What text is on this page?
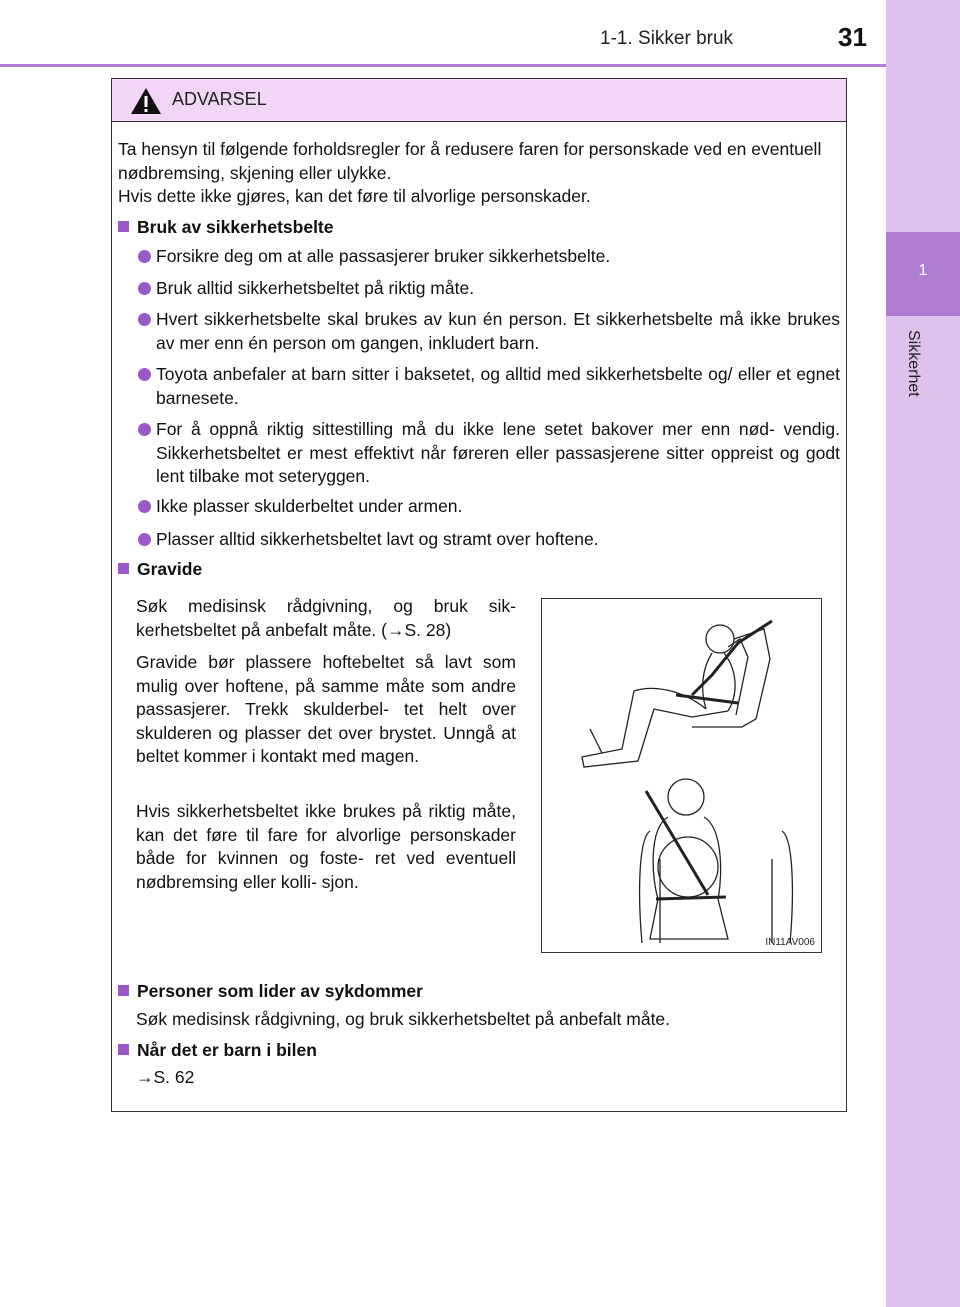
1-1. Sikker bruk	31
1
Sikkerhet
ADVARSEL
Ta hensyn til følgende forholdsregler for å redusere faren for personskade ved en eventuell nødbremsing, skjening eller ulykke.
Hvis dette ikke gjøres, kan det føre til alvorlige personskader.
Bruk av sikkerhetsbelte
Forsikre deg om at alle passasjerer bruker sikkerhetsbelte.
Bruk alltid sikkerhetsbeltet på riktig måte.
Hvert sikkerhetsbelte skal brukes av kun én person. Et sikkerhetsbelte må ikke brukes av mer enn én person om gangen, inkludert barn.
Toyota anbefaler at barn sitter i baksetet, og alltid med sikkerhetsbelte og/ eller et egnet barnesete.
For å oppnå riktig sittestilling må du ikke lene setet bakover mer enn nød- vendig. Sikkerhetsbeltet er mest effektivt når føreren eller passasjerene sitter oppreist og godt lent tilbake mot seteryggen.
Ikke plasser skulderbeltet under armen.
Plasser alltid sikkerhetsbeltet lavt og stramt over hoftene.
Gravide
Søk medisinsk rådgivning, og bruk sik- kerhetsbeltet på anbefalt måte. (→S. 28)
Gravide bør plassere hoftebeltet så lavt som mulig over hoftene, på samme måte som andre passasjerer. Trekk skulderbel- tet helt over skulderen og plasser det over brystet. Unngå at beltet kommer i kontakt med magen.
Hvis sikkerhetsbeltet ikke brukes på riktig måte, kan det føre til fare for alvorlige personskader både for kvinnen og foste- ret ved eventuell nødbremsing eller kolli- sjon.
IN11AV006
Personer som lider av sykdommer
Søk medisinsk rådgivning, og bruk sikkerhetsbeltet på anbefalt måte.
Når det er barn i bilen
→S. 62
